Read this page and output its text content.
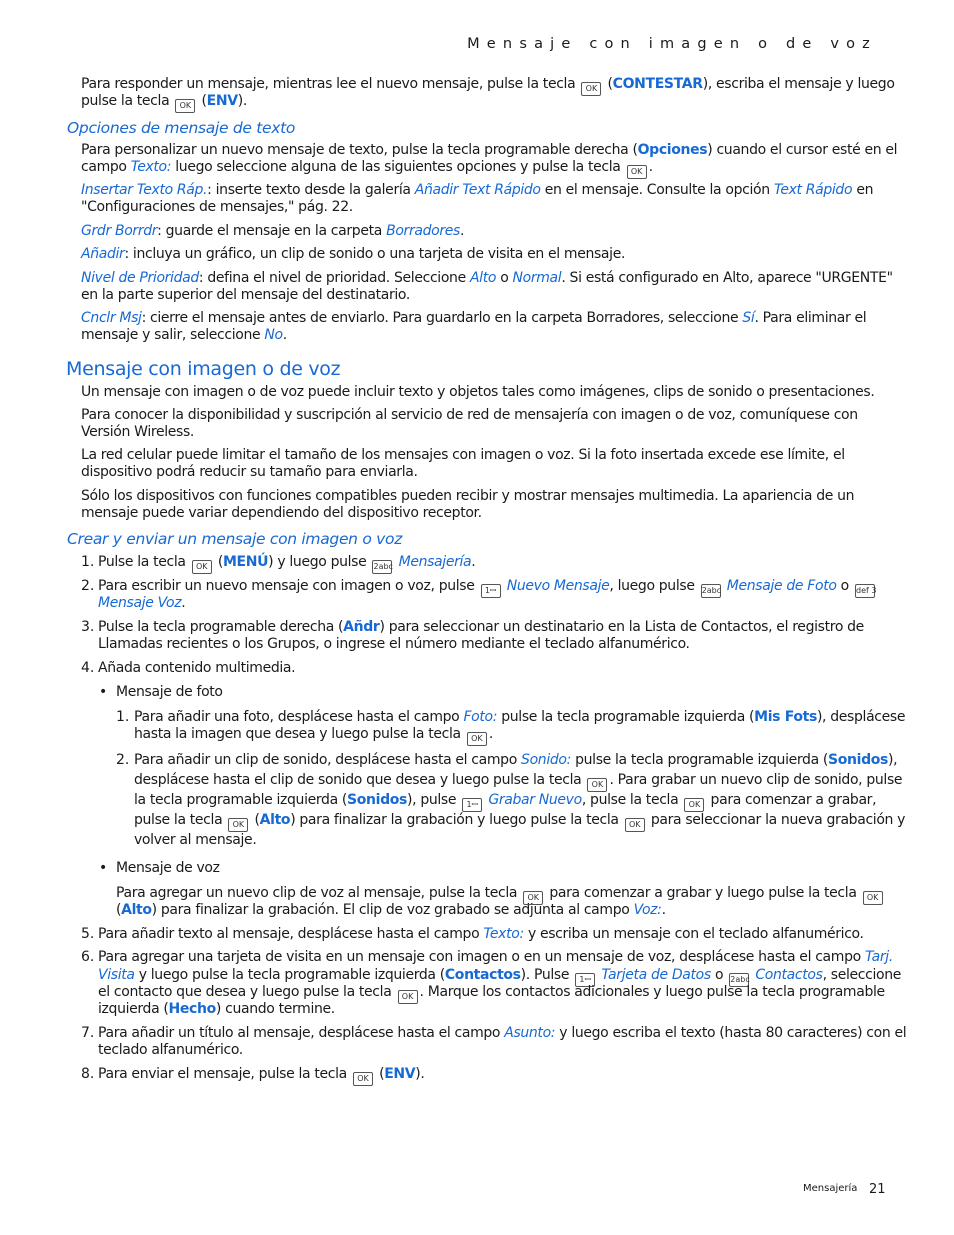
Mensaje con imagen o de voz
Para responder un mensaje, mientras lee el nuevo mensaje, pulse la tecla OK (CONTESTAR), escriba el mensaje y luego
pulse la tecla OK (ENV).
Opciones de mensaje de texto
Para personalizar un nuevo mensaje de texto, pulse la tecla programable derecha (Opciones) cuando el cursor esté en el
campo Texto: luego seleccione alguna de las siguientes opciones y pulse la tecla OK .
Insertar Texto Ráp.: inserte texto desde la galería Añadir Text Rápido en el mensaje. Consulte la opción Text Rápido en
"Configuraciones de mensajes," pág. 22.
Grdr Borrdr: guarde el mensaje en la carpeta Borradores.
Añadir: incluya un gráfico, un clip de sonido o una tarjeta de visita en el mensaje.
Nivel de Prioridad: defina el nivel de prioridad. Seleccione Alto o Normal. Si está configurado en Alto, aparece "URGENTE"
en la parte superior del mensaje del destinatario.
Cnclr Msj: cierre el mensaje antes de enviarlo. Para guardarlo en la carpeta Borradores, seleccione Sí. Para eliminar el
mensaje y salir, seleccione No.
Mensaje con imagen o de voz
Un mensaje con imagen o de voz puede incluir texto y objetos tales como imágenes, clips de sonido o presentaciones.
Para conocer la disponibilidad y suscripción al servicio de red de mensajería con imagen o de voz, comuníquese con
Versión Wireless.
La red celular puede limitar el tamaño de los mensajes con imagen o voz. Si la foto insertada excede ese límite, el
dispositivo podrá reducir su tamaño para enviarla.
Sólo los dispositivos con funciones compatibles pueden recibir y mostrar mensajes multimedia. La apariencia de un
mensaje puede variar dependiendo del dispositivo receptor.
Crear y enviar un mensaje con imagen o voz
1. Pulse la tecla OK (MENÚ) y luego pulse 2abc Mensajería.
2. Para escribir un nuevo mensaje con imagen o voz, pulse 1ꟷ Nuevo Mensaje, luego pulse 2abc Mensaje de Foto o def 3
Mensaje Voz.
3. Pulse la tecla programable derecha (Añdr) para seleccionar un destinatario en la Lista de Contactos, el registro de
Llamadas recientes o los Grupos, o ingrese el número mediante el teclado alfanumérico.
4. Añada contenido multimedia.
• Mensaje de foto
1. Para añadir una foto, desplácese hasta el campo Foto: pulse la tecla programable izquierda (Mis Fots), desplácese
hasta la imagen que desea y luego pulse la tecla OK .
2. Para añadir un clip de sonido, desplácese hasta el campo Sonido: pulse la tecla programable izquierda (Sonidos),
desplácese hasta el clip de sonido que desea y luego pulse la tecla OK . Para grabar un nuevo clip de sonido, pulse
la tecla programable izquierda (Sonidos), pulse 1ꟷ Grabar Nuevo, pulse la tecla OK para comenzar a grabar,
pulse la tecla OK (Alto) para finalizar la grabación y luego pulse la tecla OK para seleccionar la nueva grabación y
volver al mensaje.
• Mensaje de voz
Para agregar un nuevo clip de voz al mensaje, pulse la tecla OK para comenzar a grabar y luego pulse la tecla OK
(Alto) para finalizar la grabación. El clip de voz grabado se adjunta al campo Voz:.
5. Para añadir texto al mensaje, desplácese hasta el campo Texto: y escriba un mensaje con el teclado alfanumérico.
6. Para agregar una tarjeta de visita en un mensaje con imagen o en un mensaje de voz, desplácese hasta el campo Tarj.
Visita y luego pulse la tecla programable izquierda (Contactos). Pulse 1ꟷ Tarjeta de Datos o 2abc Contactos, seleccione
el contacto que desea y luego pulse la tecla OK . Marque los contactos adicionales y luego pulse la tecla programable
izquierda (Hecho) cuando termine.
7. Para añadir un título al mensaje, desplácese hasta el campo Asunto: y luego escriba el texto (hasta 80 caracteres) con el
teclado alfanumérico.
8. Para enviar el mensaje, pulse la tecla OK (ENV).
Mensajería 21
